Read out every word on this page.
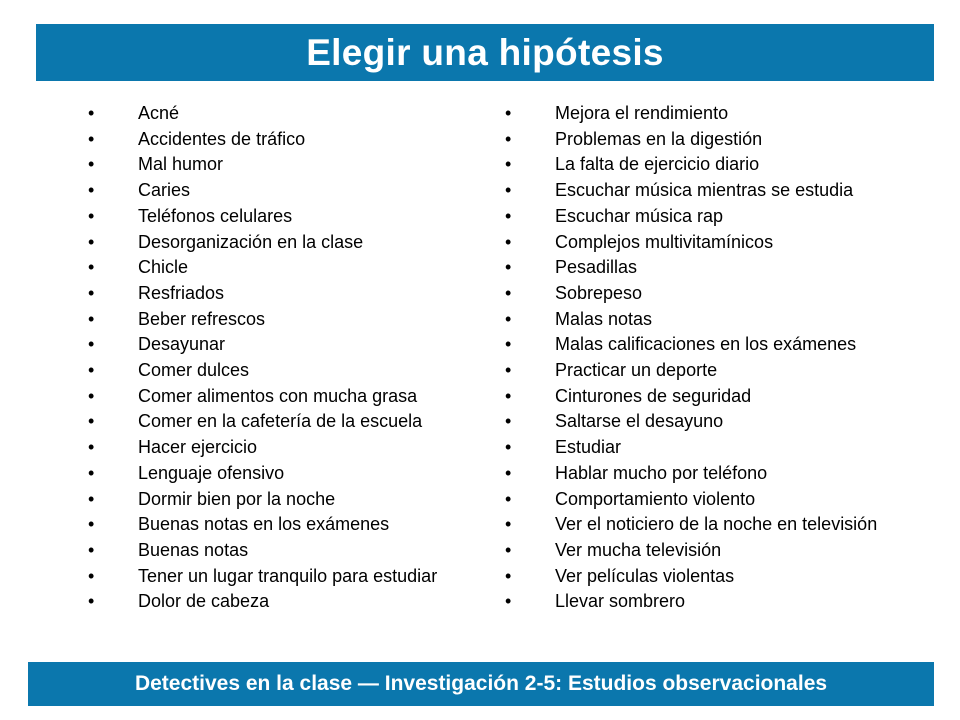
Elegir una hipótesis
• Acné
• Accidentes de tráfico
• Mal humor
• Caries
• Teléfonos celulares
• Desorganización en la clase
• Chicle
• Resfriados
• Beber refrescos
• Desayunar
• Comer dulces
• Comer alimentos con mucha grasa
• Comer en la cafetería de la escuela
• Hacer ejercicio
• Lenguaje ofensivo
• Dormir bien por la noche
• Buenas notas en los exámenes
• Buenas notas
• Tener un lugar tranquilo para estudiar
• Dolor de cabeza
• Mejora el rendimiento
• Problemas en la digestión
• La falta de ejercicio diario
• Escuchar música mientras se estudia
• Escuchar música rap
• Complejos multivitamínicos
• Pesadillas
• Sobrepeso
• Malas notas
• Malas calificaciones en los exámenes
• Practicar un deporte
• Cinturones de seguridad
• Saltarse el desayuno
• Estudiar
• Hablar mucho por teléfono
• Comportamiento violento
• Ver el noticiero de la noche en televisión
• Ver mucha televisión
• Ver películas violentas
• Llevar sombrero
Detectives en la clase — Investigación 2-5: Estudios observacionales
